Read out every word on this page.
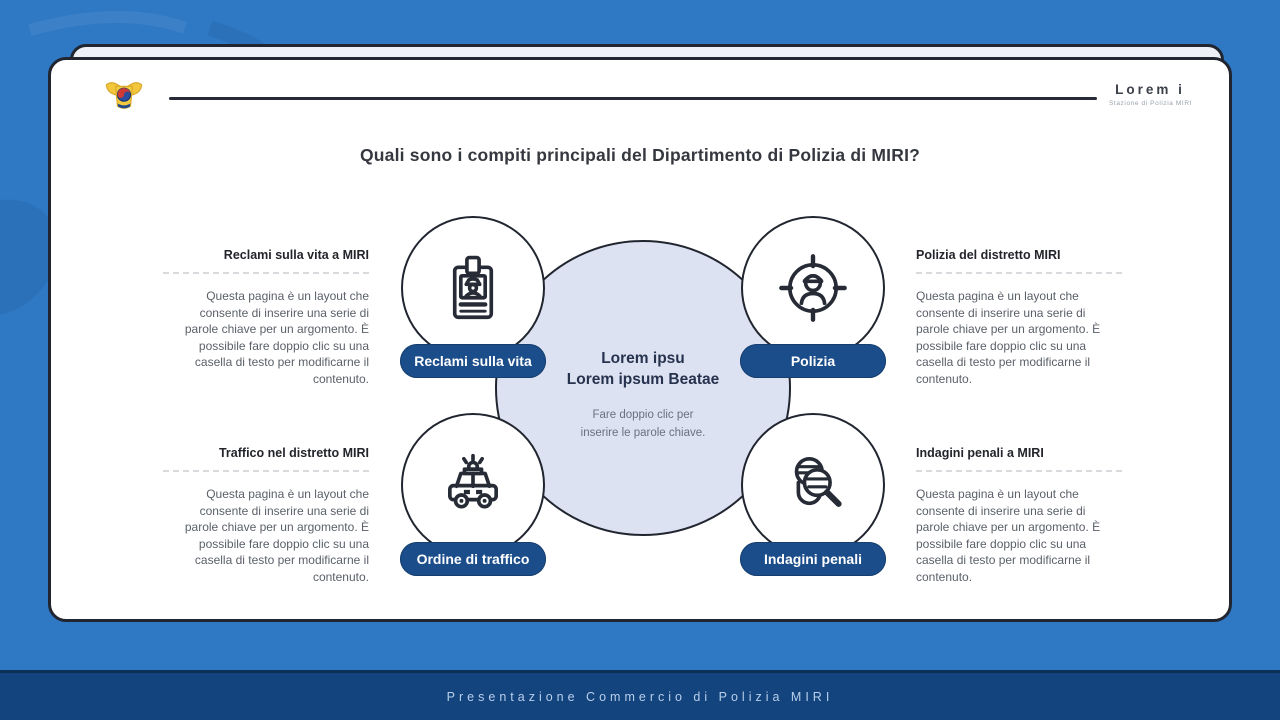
Lorem i
Stazione di Polizia MIRI
Quali sono i compiti principali del Dipartimento di Polizia di MIRI?
Lorem ipsu
Lorem ipsum Beatae
Fare doppio clic per
inserire le parole chiave.
Reclami sulla vita	Polizia
Ordine di traffico	Indagini penali
Reclami sulla vita a MIRI
Questa pagina è un layout che consente di inserire una serie di parole chiave per un argomento. È possibile fare doppio clic su una casella di testo per modificarne il contenuto.
Polizia del distretto MIRI
Questa pagina è un layout che consente di inserire una serie di parole chiave per un argomento. È possibile fare doppio clic su una casella di testo per modificarne il contenuto.
Traffico nel distretto MIRI
Questa pagina è un layout che consente di inserire una serie di parole chiave per un argomento. È possibile fare doppio clic su una casella di testo per modificarne il contenuto.
Indagini penali a MIRI
Questa pagina è un layout che consente di inserire una serie di parole chiave per un argomento. È possibile fare doppio clic su una casella di testo per modificarne il contenuto.
Presentazione Commercio di Polizia MIRI
